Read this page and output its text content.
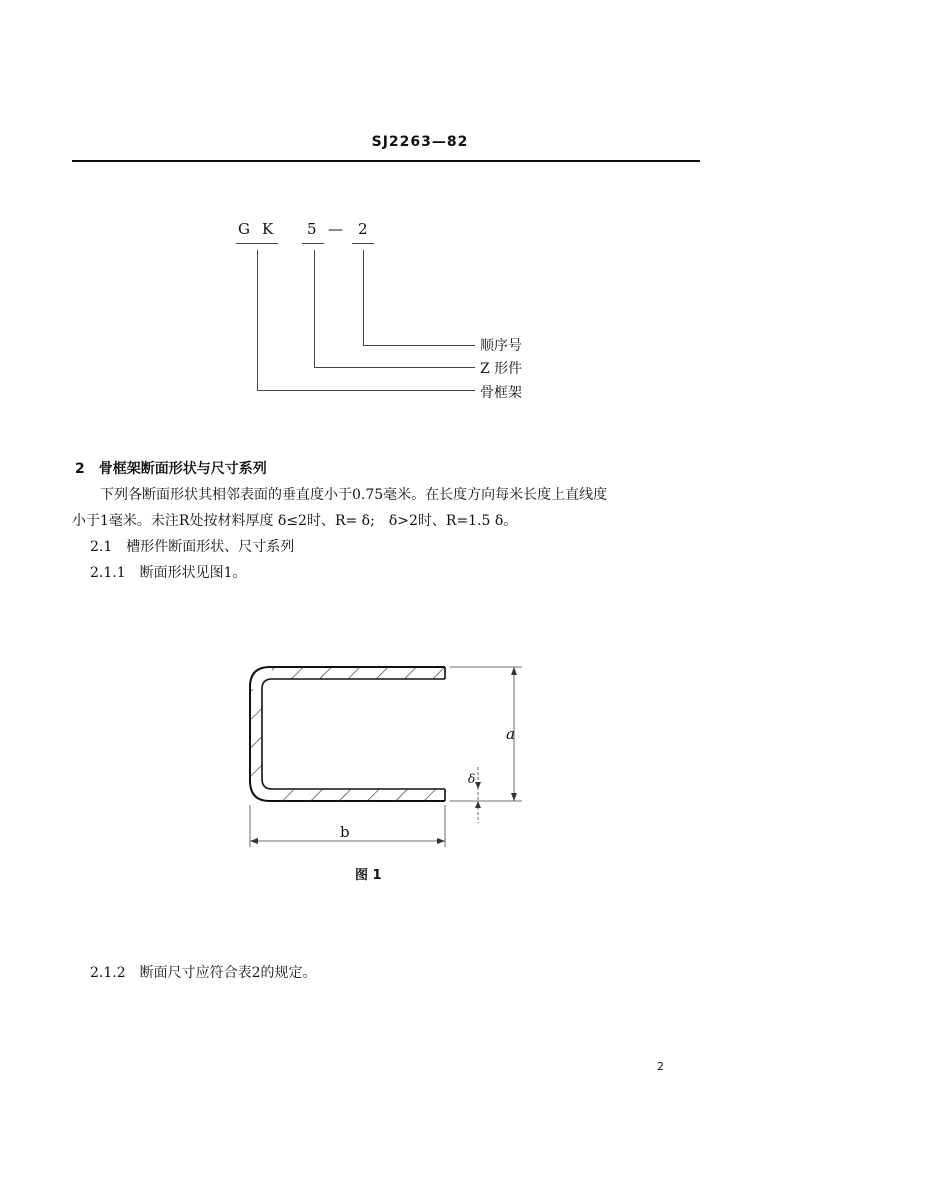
SJ2263—82
G K 5 — 2
顺序号
Z 形件
骨框架
2　骨框架断面形状与尺寸系列
下列各断面形状其相邻表面的垂直度小于0.75毫米。在长度方向每米长度上直线度
小于1毫米。未注R处按材料厚度 δ≤2时、R= δ;　δ>2时、R=1.5 δ。
2.1　槽形件断面形状、尺寸系列
2.1.1　断面形状见图1。
a
δ
b
图 1
2.1.2　断面尺寸应符合表2的规定。
2
